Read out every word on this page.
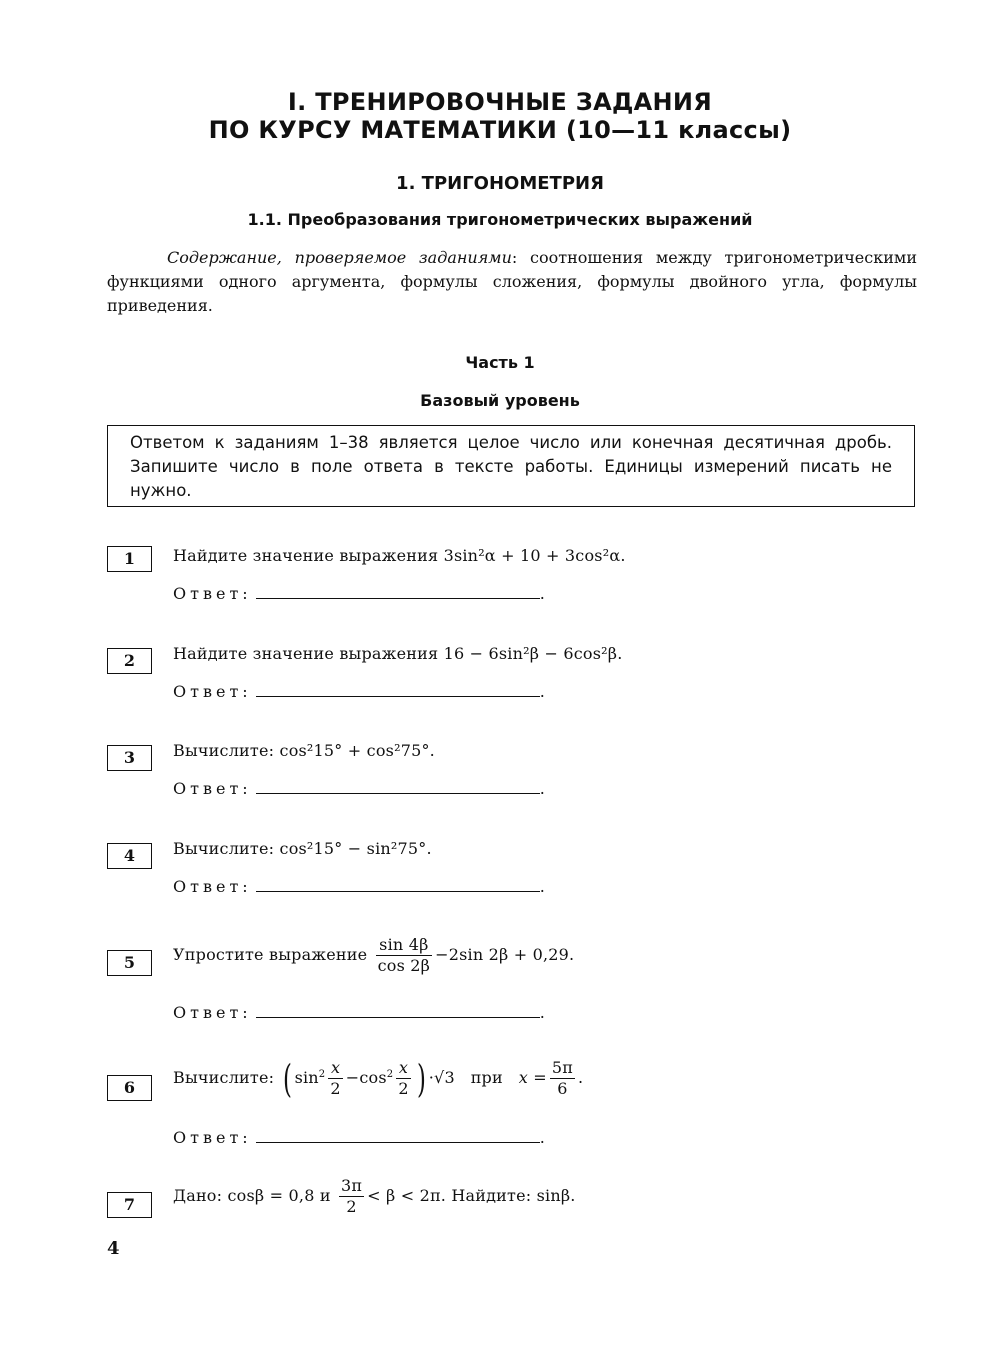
I. ТРЕНИРОВОЧНЫЕ ЗАДАНИЯ
ПО КУРСУ МАТЕМАТИКИ (10—11 классы)
1. ТРИГОНОМЕТРИЯ
1.1. Преобразования тригонометрических выражений
Содержание, проверяемое заданиями: соотношения между тригонометрическими функциями одного аргумента, формулы сложения, формулы двойного угла, формулы приведения.
Часть 1
Базовый уровень
Ответом к заданиям 1–38 является целое число или конечная десятичная дробь. Запишите число в поле ответа в тексте работы. Единицы измерений писать не нужно.
1	Найдите значение выражения 3sin²α + 10 + 3cos²α.
Ответ:	.
2	Найдите значение выражения 16 − 6sin²β − 6cos²β.
Ответ:	.
3	Вычислите: cos²15° + cos²75°.
Ответ:	.
4	Вычислите: cos²15° − sin²75°.
Ответ:	.
5	Упростите выражение $\frac{\sin 4\beta}{\cos 2\beta} -2\sin$ 2β + 0,29.
Ответ:	.
6
Вычислите: ( $\sin^2 \frac{x}{2} -\cos^2 \frac{x}{2}$ ) ·√3 при $x = \frac{5\pi}{6}$ .
Ответ:	.
7	Дано: cosβ = 0,8 и $\frac{3\pi}{2} < \beta < 2\pi$. Найдите: sinβ.
4
